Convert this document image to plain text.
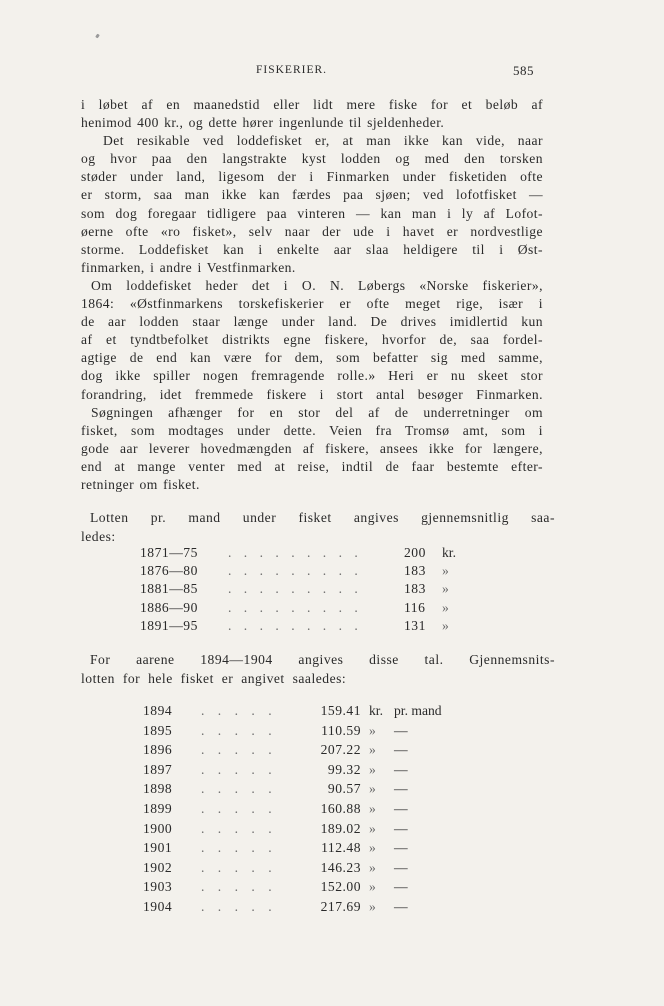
FISKERIER.	585
i løbet af en maanedstid eller lidt mere fiske for et beløb af
henimod 400 kr., og dette hører ingenlunde til sjeldenheder.
Det resikable ved loddefisket er, at man ikke kan vide, naar
og hvor paa den langstrakte kyst lodden og med den torsken
støder under land, ligesom der i Finmarken under fisketiden ofte
er storm, saa man ikke kan færdes paa sjøen; ved lofotfisket —
som dog foregaar tidligere paa vinteren — kan man i ly af Lofot-
øerne ofte «ro fisket», selv naar der ude i havet er nordvestlige
storme. Loddefisket kan i enkelte aar slaa heldigere til i Øst-
finmarken, i andre i Vestfinmarken.
Om loddefisket heder det i O. N. Løbergs «Norske fiskerier»,
1864: «Østfinmarkens torskefiskerier er ofte meget rige, især i
de aar lodden staar længe under land. De drives imidlertid kun
af et tyndtbefolket distrikts egne fiskere, hvorfor de, saa fordel-
agtige de end kan være for dem, som befatter sig med samme,
dog ikke spiller nogen fremragende rolle.» Heri er nu skeet stor
forandring, idet fremmede fiskere i stort antal besøger Finmarken.
Søgningen afhænger for en stor del af de underretninger om
fisket, som modtages under dette. Veien fra Tromsø amt, som i
gode aar leverer hovedmængden af fiskere, ansees ikke for længere,
end at mange venter med at reise, indtil de faar bestemte efter-
retninger om fisket.
Lotten pr. mand under fisket angives gjennemsnitlig saa-
ledes:
1871—75 . . . . . . . . .	200 kr.
1876—80 . . . . . . . . .	183 »
1881—85 . . . . . . . . .	183 »
1886—90 . . . . . . . . .	116 »
1891—95 . . . . . . . . .	131 »
For aarene 1894—1904 angives disse tal. Gjennemsnits-
lotten for hele fisket er angivet saaledes:
1894 . . . . .	159.41 kr. pr. mand
1895 . . . . .	110.59 » —
1896 . . . . .	207.22 » —
1897 . . . . .	99.32 » —
1898 . . . . .	90.57 » —
1899 . . . . .	160.88 » —
1900 . . . . .	189.02 » —
1901 . . . . .	112.48 » —
1902 . . . . .	146.23 » —
1903 . . . . .	152.00 » —
1904 . . . . .	217.69 » —
